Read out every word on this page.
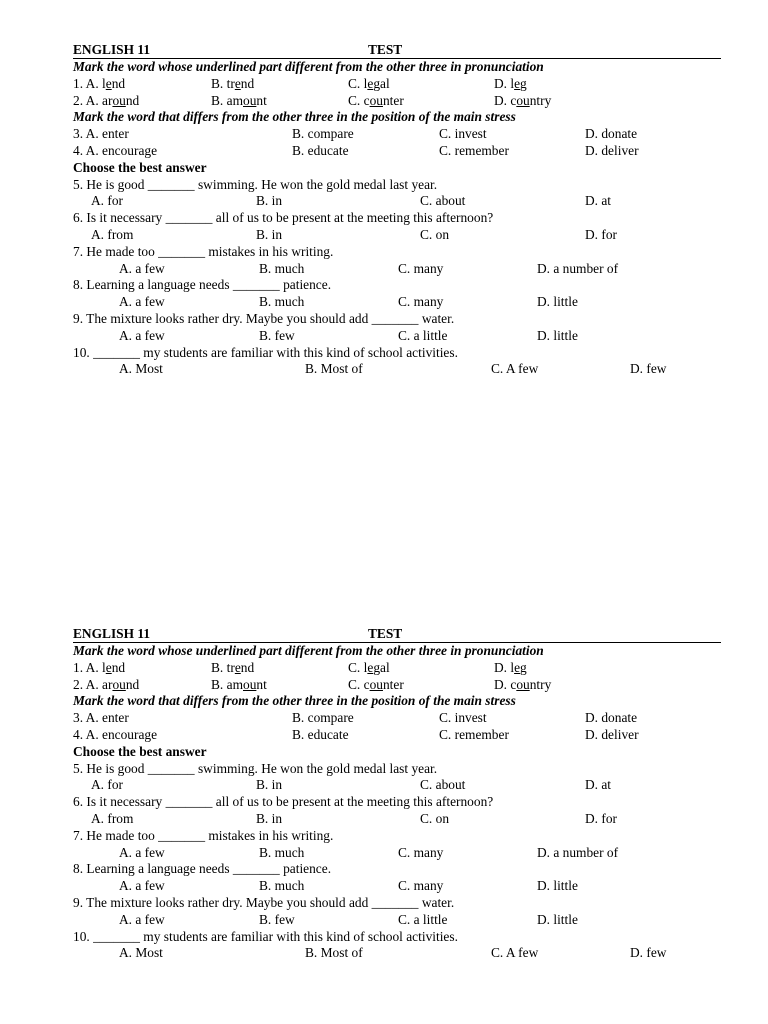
ENGLISH 11	TEST
Mark the word whose underlined part different from the other three in pronunciation
1. A. lend	B. trend	C. legal	D. leg
2. A. around	B. amount	C. counter	D. country
Mark the word that differs from the other three in the position of the main stress
3. A. enter	B. compare	C. invest	D. donate
4. A. encourage	B. educate	C. remember	D. deliver
Choose the best answer
5. He is good _______ swimming. He won the gold medal last year.
A. for	B. in	C. about	D. at
6. Is it necessary _______ all of us to be present at the meeting this afternoon?
A. from	B. in	C. on	D. for
7. He made too _______ mistakes in his writing.
A. a few	B. much	C. many	D. a number of
8. Learning a language needs _______ patience.
A. a few	B. much	C. many	D. little
9. The mixture looks rather dry. Maybe you should add _______ water.
A. a few	B. few	C. a little	D. little
10. _______ my students are familiar with this kind of school activities.
A. Most	B. Most of	C. A few	D. few
ENGLISH 11	TEST
Mark the word whose underlined part different from the other three in pronunciation
1. A. lend	B. trend	C. legal	D. leg
2. A. around	B. amount	C. counter	D. country
Mark the word that differs from the other three in the position of the main stress
3. A. enter	B. compare	C. invest	D. donate
4. A. encourage	B. educate	C. remember	D. deliver
Choose the best answer
5. He is good _______ swimming. He won the gold medal last year.
A. for	B. in	C. about	D. at
6. Is it necessary _______ all of us to be present at the meeting this afternoon?
A. from	B. in	C. on	D. for
7. He made too _______ mistakes in his writing.
A. a few	B. much	C. many	D. a number of
8. Learning a language needs _______ patience.
A. a few	B. much	C. many	D. little
9. The mixture looks rather dry. Maybe you should add _______ water.
A. a few	B. few	C. a little	D. little
10. _______ my students are familiar with this kind of school activities.
A. Most	B. Most of	C. A few	D. few
